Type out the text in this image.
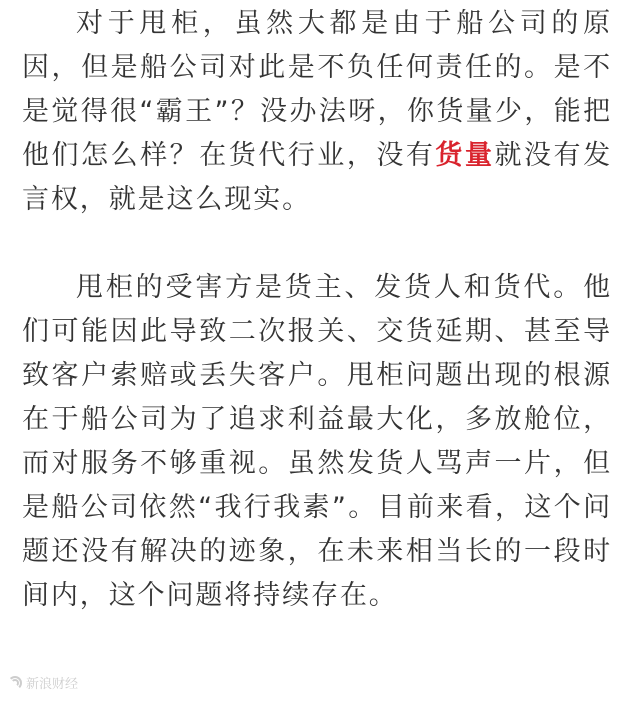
对于甩柜，虽然大都是由于船公司的原因，但是船公司对此是不负任何责任的。是不是觉得很“霸王”？没办法呀，你货量少，能把他们怎么样？在货代行业，没有货量就没有发言权，就是这么现实。

甩柜的受害方是货主、发货人和货代。他们可能因此导致二次报关、交货延期、甚至导致客户索赔或丢失客户。甩柜问题出现的根源在于船公司为了追求利益最大化，多放舱位，而对服务不够重视。虽然发货人骂声一片，但是船公司依然“我行我素”。目前来看，这个问题还没有解决的迹象，在未来相当长的一段时间内，这个问题将持续存在。

新浪财经
